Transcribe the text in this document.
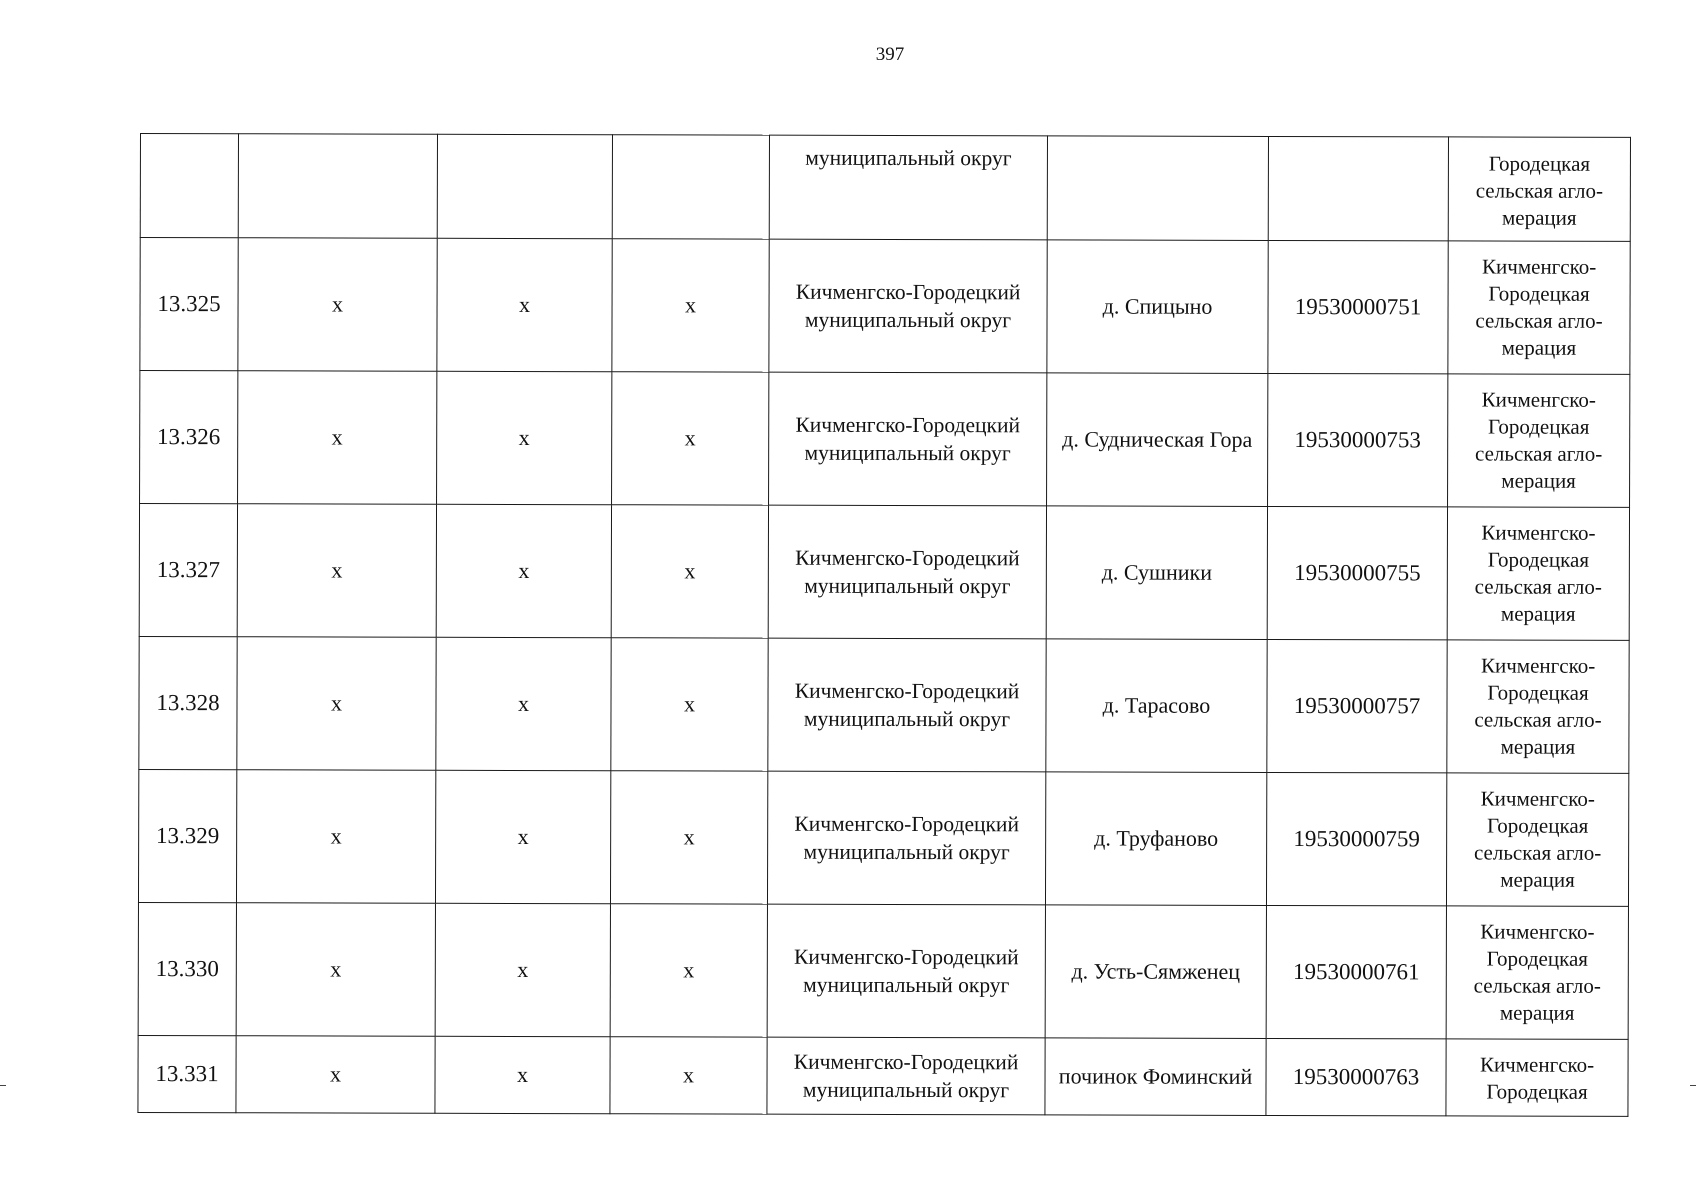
397
				муниципальный округ			Городецкая сельская агло-мерация
13.325	х	х	х	Кичменгско-Городецкий муниципальный округ	д. Спицыно	19530000751	Кичменгско-Городецкая сельская агло-мерация
13.326	х	х	х	Кичменгско-Городецкий муниципальный округ	д. Судническая Гора	19530000753	Кичменгско-Городецкая сельская агло-мерация
13.327	х	х	х	Кичменгско-Городецкий муниципальный округ	д. Сушники	19530000755	Кичменгско-Городецкая сельская агло-мерация
13.328	х	х	х	Кичменгско-Городецкий муниципальный округ	д. Тарасово	19530000757	Кичменгско-Городецкая сельская агло-мерация
13.329	х	х	х	Кичменгско-Городецкий муниципальный округ	д. Труфаново	19530000759	Кичменгско-Городецкая сельская агло-мерация
13.330	х	х	х	Кичменгско-Городецкий муниципальный округ	д. Усть-Сямженец	19530000761	Кичменгско-Городецкая сельская агло-мерация
13.331	х	х	х	Кичменгско-Городецкий муниципальный округ	починок Фоминский	19530000763	Кичменгско-Городецкая
